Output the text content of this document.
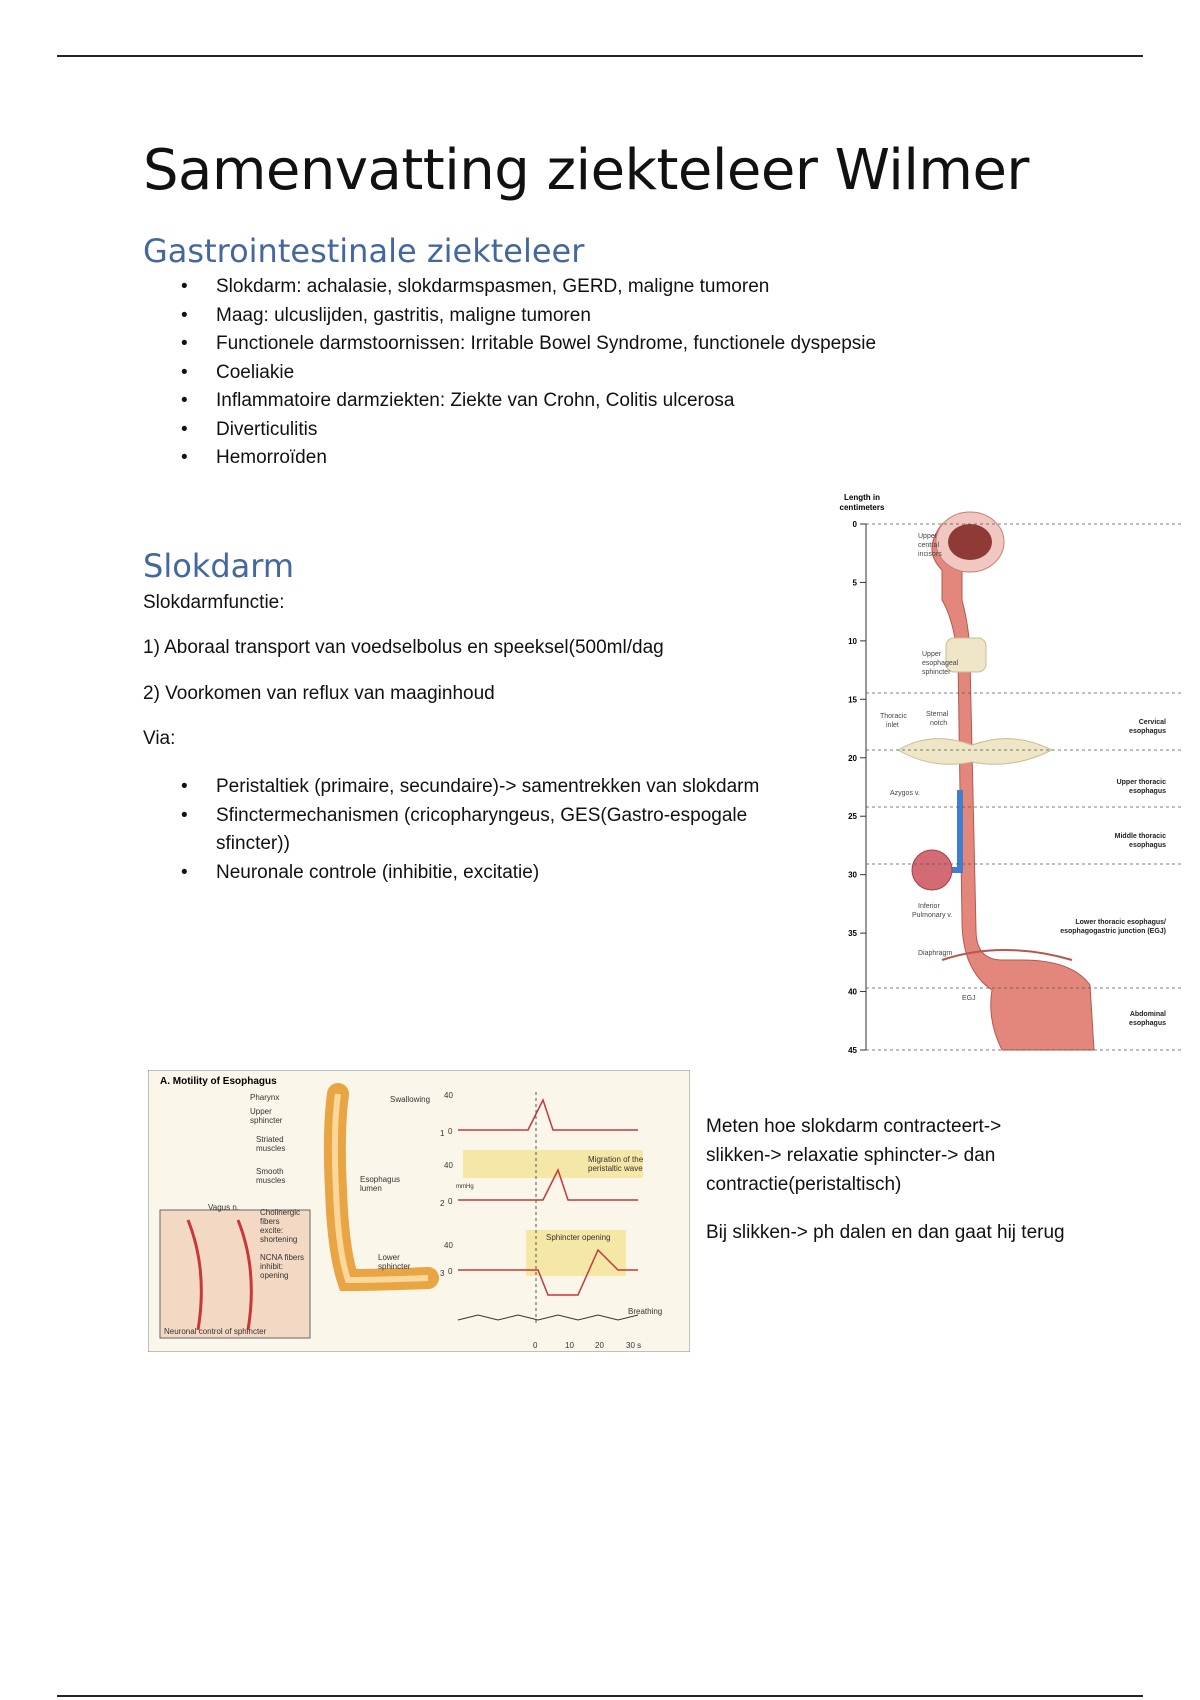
Samenvatting ziekteleer Wilmer
Gastrointestinale ziekteleer
• Slokdarm: achalasie, slokdarmspasmen, GERD, maligne tumoren
• Maag: ulcuslijden, gastritis, maligne tumoren
• Functionele darmstoornissen: Irritable Bowel Syndrome, functionele dyspepsie
• Coeliakie
• Inflammatoire darmziekten: Ziekte van Crohn, Colitis ulcerosa
• Diverticulitis
• Hemorroïden
Slokdarm

Slokdarmfunctie:

1) Aboraal transport van voedselbolus en speeksel(500ml/dag

2) Voorkomen van reflux van maaginhoud

Via:

• Peristaltiek (primaire, secundaire)-> samentrekken van slokdarm
• Sfinctermechanismen (cricopharyngeus, GES(Gastro-espogale sfincter))
• Neuronale controle (inhibitie, excitatie)
Length in
centimeters
0
5
10
15
20
25
30
35
40
45
Upper
central
incisors
Upper
esophageal
sphincter
Thoracic
inlet
Sternal
notch
Azygos v.
Inferior
Pulmonary v.
Diaphragm
EGJ
Cervical
esophagus
Upper thoracic
esophagus
Middle thoracic
esophagus
Lower thoracic esophagus/
esophagogastric junction (EGJ)
Abdominal
esophagus
A. Motility of Esophagus
Pharynx
Upper
sphincter
Striated
muscles
Smooth
muscles
Vagus n.
Cholinergic
fibers
excite:
shortening
NCNA fibers
inhibit:
opening
Esophagus
lumen
Lower
sphincter
Neuronal control of sphincter
Swallowing
Migration of the
peristaltic wave
Sphincter opening
Breathing
1
2
3
40
0
40
0
40
0
mmHg
0	10	20	30 s

Meten hoe slokdarm contracteert-> slikken-> relaxatie sphincter-> dan contractie(peristaltisch)

Bij slikken-> ph dalen en dan gaat hij terug
